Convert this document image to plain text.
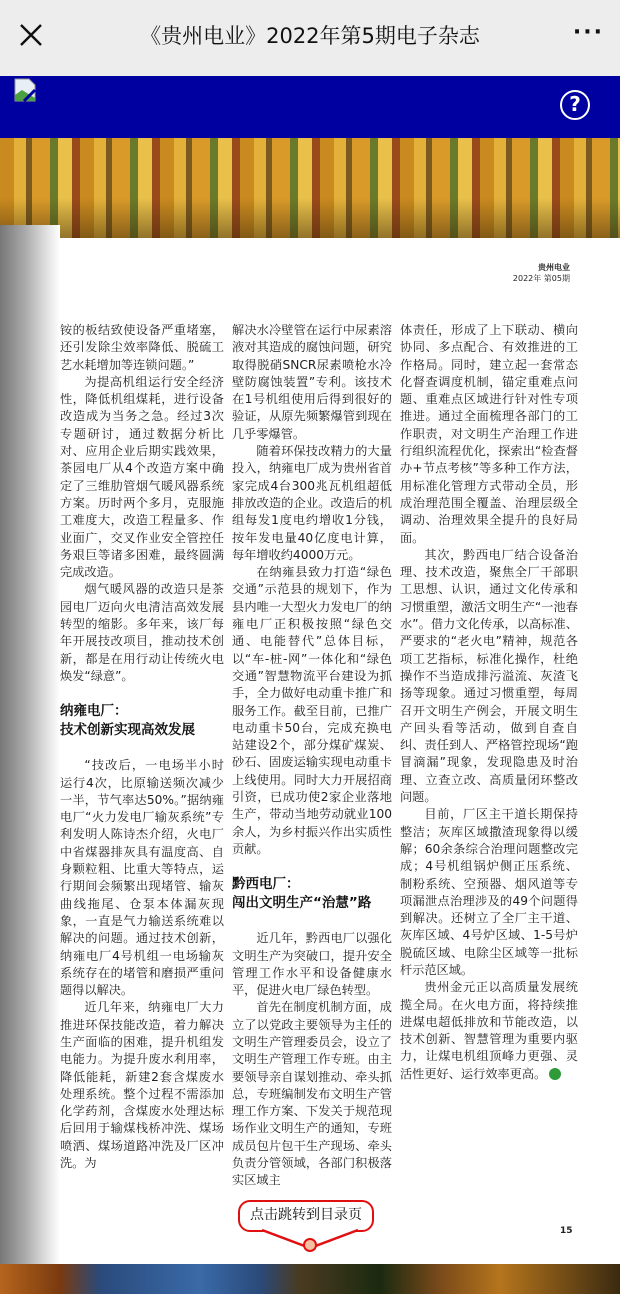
《贵州电业》2022年第5期电子杂志	···
?
贵州电业
2022年 第05期

铵的板结致使设备严重堵塞，还引发除尘效率降低、脱硫工艺水耗增加等连锁问题。”

为提高机组运行安全经济性，降低机组煤耗，进行设备改造成为当务之急。经过3次专题研讨，通过数据分析比对、应用企业后期实践效果，茶园电厂从4个改造方案中确定了三维肋管烟气暖风器系统方案。历时两个多月，克服施工难度大，改造工程量多、作业面广，交叉作业安全管控任务艰巨等诸多困难，最终圆满完成改造。

烟气暖风器的改造只是茶园电厂迈向火电清洁高效发展转型的缩影。多年来，该厂每年开展技改项目，推动技术创新，都是在用行动让传统火电焕发“绿意”。

纳雍电厂：
技术创新实现高效发展

“技改后，一电场半小时运行4次，比原输送频次减少一半，节气率达50%。”据纳雍电厂“火力发电厂输灰系统”专利发明人陈诗杰介绍，火电厂中省煤器排灰具有温度高、自身颗粒粗、比重大等特点，运行期间会频繁出现堵管、输灰曲线拖尾、仓泵本体漏灰现象，一直是气力输送系统难以解决的问题。通过技术创新，纳雍电厂4号机组一电场输灰系统存在的堵管和磨损严重问题得以解决。

近几年来，纳雍电厂大力推进环保技能改造，着力解决生产面临的困难，提升机组发电能力。为提升废水利用率，降低能耗，新建2套含煤废水处理系统。整个过程不需添加化学药剂，含煤废水处理达标后回用于输煤栈桥冲洗、煤场喷洒、煤场道路冲洗及厂区冲洗。为

解决水冷壁管在运行中尿素溶液对其造成的腐蚀问题，研究取得脱硝SNCR尿素喷枪水冷壁防腐蚀装置”专利。该技术在1号机组使用后得到很好的验证，从原先频繁爆管到现在几乎零爆管。

随着环保技改精力的大量投入，纳雍电厂成为贵州省首家完成4台300兆瓦机组超低排放改造的企业。改造后的机组每发1度电约增收1分钱，按年发电量40亿度电计算，每年增收约4000万元。

在纳雍县致力打造“绿色交通”示范县的规划下，作为县内唯一大型火力发电厂的纳雍电厂正积极按照“绿色交通、电能替代”总体目标，以“车-桩-网”一体化和“绿色交通”智慧物流平台建设为抓手，全力做好电动重卡推广和服务工作。截至目前，已推广电动重卡50台，完成充换电站建设2个，部分煤矿煤炭、砂石、固废运输实现电动重卡上线使用。同时大力开展招商引资，已成功使2家企业落地生产，带动当地劳动就业100余人，为乡村振兴作出实质性贡献。

黔西电厂：
闯出文明生产“治慧”路

近几年，黔西电厂以强化文明生产为突破口，提升安全管理工作水平和设备健康水平，促进火电厂绿色转型。

首先在制度机制方面，成立了以党政主要领导为主任的文明生产管理委员会，设立了文明生产管理工作专班。由主要领导亲自谋划推动、牵头抓总，专班编制发布文明生产管理工作方案、下发关于规范现场作业文明生产的通知，专班成员包片包干生产现场、牵头负责分管领域，各部门积极落实区域主

体责任，形成了上下联动、横向协同、多点配合、有效推进的工作格局。同时，建立起一套常态化督查调度机制，锚定重难点问题、重难点区域进行针对性专项推进。通过全面梳理各部门的工作职责，对文明生产治理工作进行组织流程优化，探索出“检查督办+节点考核”等多种工作方法，用标准化管理方式带动全员，形成治理范围全覆盖、治理层级全调动、治理效果全提升的良好局面。

其次，黔西电厂结合设备治理、技术改造，聚焦全厂干部职工思想、认识，通过文化传承和习惯重塑，激活文明生产“一池春水”。借力文化传承，以高标准、严要求的“老火电”精神，规范各项工艺指标，标准化操作，杜绝操作不当造成排污溢流、灰渣飞扬等现象。通过习惯重塑，每周召开文明生产例会，开展文明生产回头看等活动，做到自查自纠、责任到人、严格管控现场“跑冒滴漏”现象，发现隐患及时治理、立查立改、高质量闭环整改问题。

目前，厂区主干道长期保持整洁；灰库区域撒渣现象得以缓解；60余条综合治理问题整改完成；4号机组锅炉侧正压系统、制粉系统、空预器、烟风道等专项漏泄点治理涉及的49个问题得到解决。还树立了全厂主干道、灰库区域、4号炉区域、1-5号炉脱硫区域、电除尘区域等一批标杆示范区域。

贵州金元正以高质量发展统揽全局。在火电方面，将持续推进煤电超低排放和节能改造，以技术创新、智慧管理为重要内驱力，让煤电机组顶峰力更强、灵活性更好、运行效率更高。

15
点击跳转到目录页
